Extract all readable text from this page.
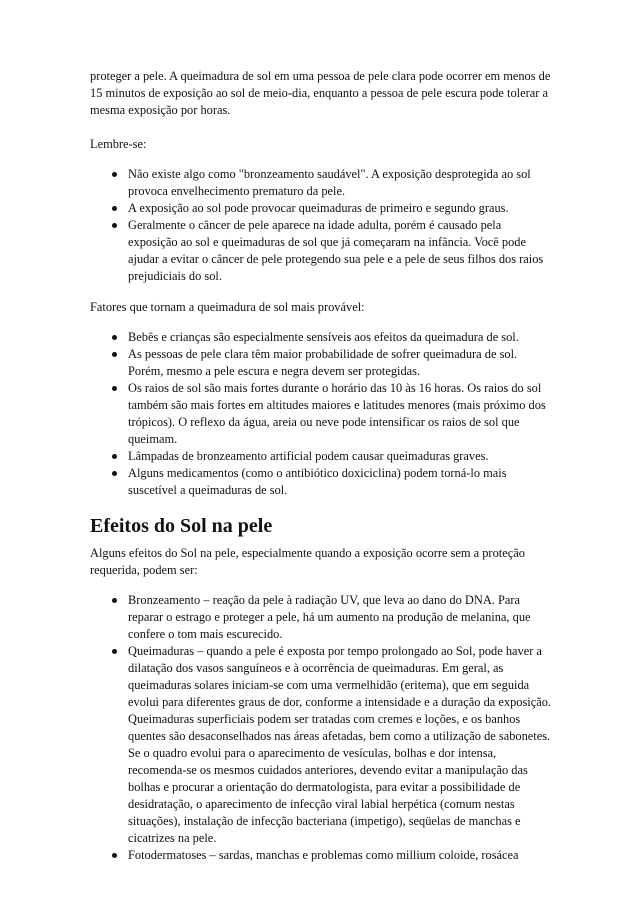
proteger a pele. A queimadura de sol em uma pessoa de pele clara pode ocorrer em menos de 15 minutos de exposição ao sol de meio-dia, enquanto a pessoa de pele escura pode tolerar a mesma exposição por horas.

Lembre-se:

Não existe algo como "bronzeamento saudável". A exposição desprotegida ao sol provoca envelhecimento prematuro da pele.
A exposição ao sol pode provocar queimaduras de primeiro e segundo graus.
Geralmente o câncer de pele aparece na idade adulta, porém é causado pela exposição ao sol e queimaduras de sol que já começaram na infância. Você pode ajudar a evitar o câncer de pele protegendo sua pele e a pele de seus filhos dos raios prejudiciais do sol.

Fatores que tornam a queimadura de sol mais provável:

Bebês e crianças são especialmente sensíveis aos efeitos da queimadura de sol.
As pessoas de pele clara têm maior probabilidade de sofrer queimadura de sol. Porém, mesmo a pele escura e negra devem ser protegidas.
Os raios de sol são mais fortes durante o horário das 10 às 16 horas. Os raios do sol também são mais fortes em altitudes maiores e latitudes menores (mais próximo dos trópicos). O reflexo da água, areia ou neve pode intensificar os raios de sol que queimam.
Lâmpadas de bronzeamento artificial podem causar queimaduras graves.
Alguns medicamentos (como o antibiótico doxiciclina) podem torná-lo mais suscetível a queimaduras de sol.
Efeitos do Sol na pele

Alguns efeitos do Sol na pele, especialmente quando a exposição ocorre sem a proteção requerida, podem ser:

Bronzeamento – reação da pele à radiação UV, que leva ao dano do DNA. Para reparar o estrago e proteger a pele, há um aumento na produção de melanina, que confere o tom mais escurecido.
Queimaduras – quando a pele é exposta por tempo prolongado ao Sol, pode haver a dilatação dos vasos sanguíneos e à ocorrência de queimaduras. Em geral, as queimaduras solares iniciam-se com uma vermelhidão (eritema), que em seguida evolui para diferentes graus de dor, conforme a intensidade e a duração da exposição. Queimaduras superficiais podem ser tratadas com cremes e loções, e os banhos quentes são desaconselhados nas áreas afetadas, bem como a utilização de sabonetes. Se o quadro evolui para o aparecimento de vesículas, bolhas e dor intensa, recomenda-se os mesmos cuidados anteriores, devendo evitar a manipulação das bolhas e procurar a orientação do dermatologista, para evitar a possibilidade de desidratação, o aparecimento de infecção viral labial herpética (comum nestas situações), instalação de infecção bacteriana (impetigo), seqüelas de manchas e cicatrizes na pele.
Fotodermatoses – sardas, manchas e problemas como millium coloide, rosácea
